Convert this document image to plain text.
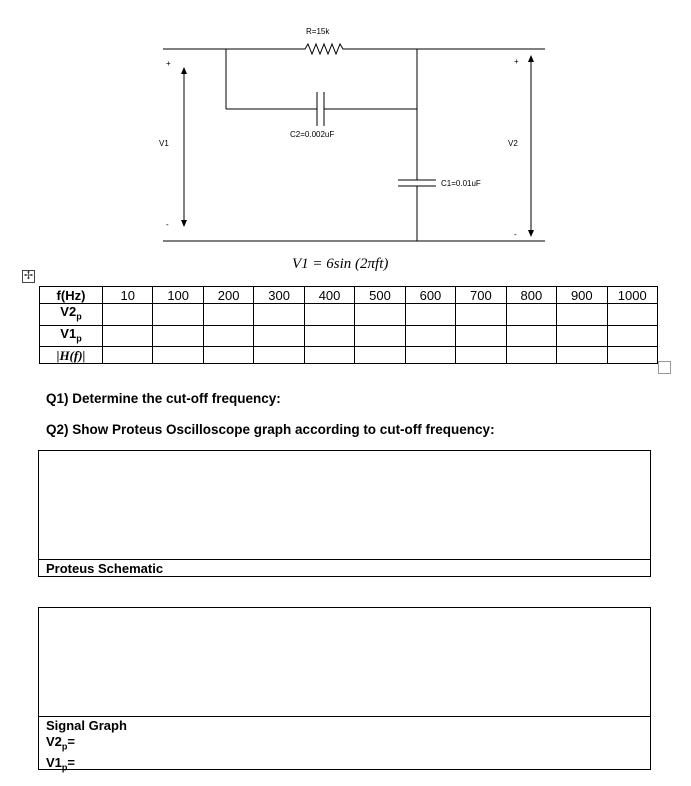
R=15k
C2=0.002uF
C1=0.01uF
V1	V2
+
-
+
-
V1 = 6sin (2πft)
✢
f(Hz)	10	100	200	300	400	500	600	700	800	900	1000
$V2_p$											
$V1_p$											
|H(f)|											
Q1) Determine the cut-off frequency:
Q2) Show Proteus Oscilloscope graph according to cut-off frequency:
Proteus Schematic
Signal Graph
$V2_p=$
$V1_p=$
